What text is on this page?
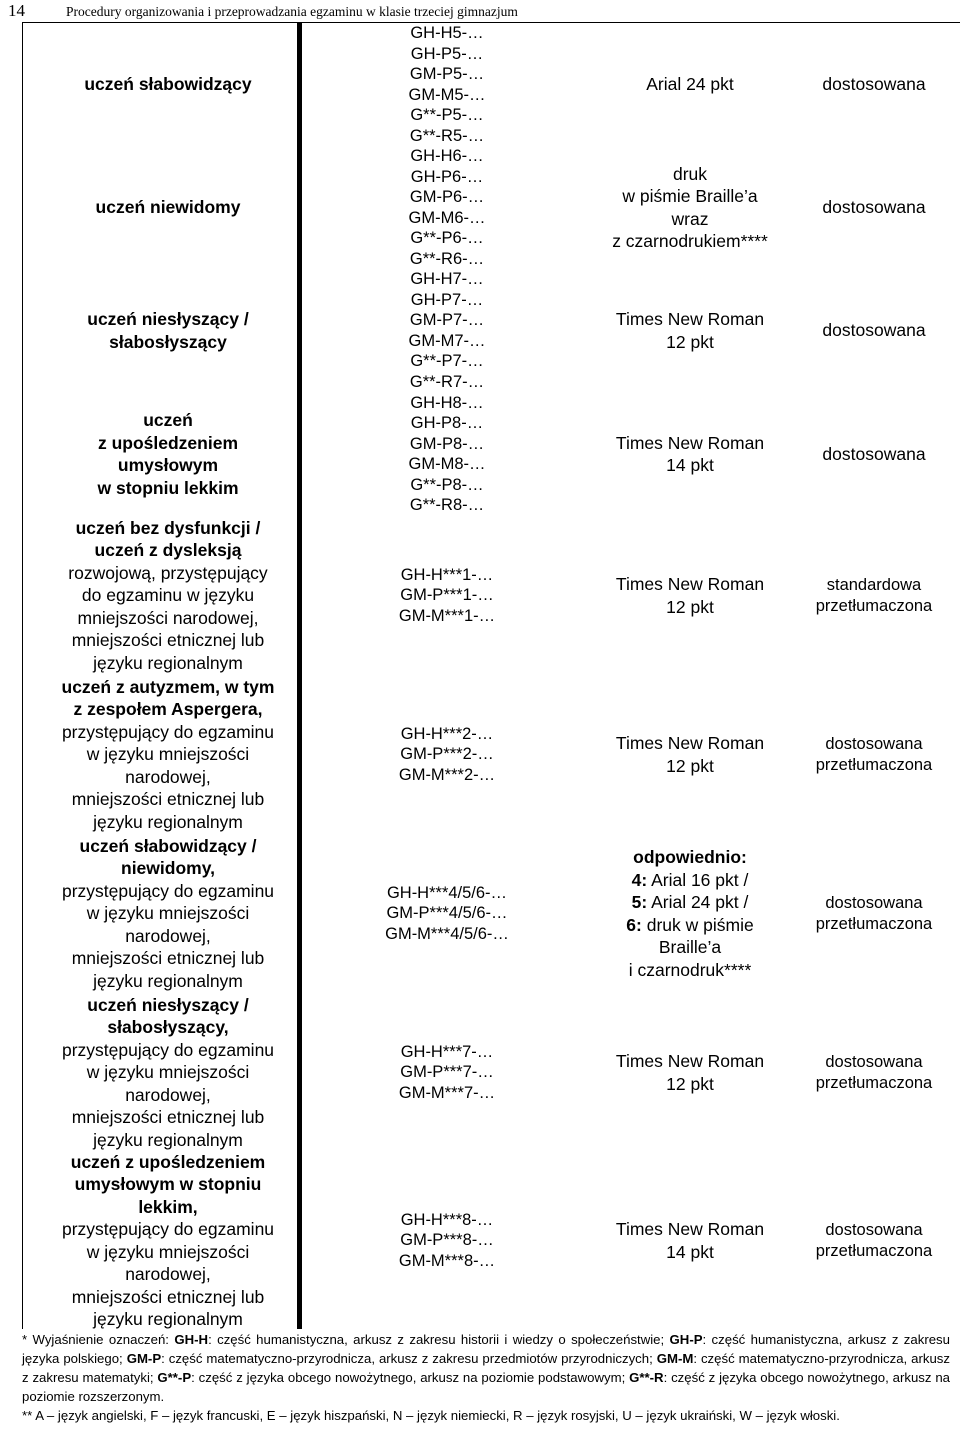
14	Procedury organizowania i przeprowadzania egzaminu w klasie trzeciej gimnazjum
uczeń słabowidzący
GH-H5-…
GH-P5-…
GM-P5-…
GM-M5-…
G**-P5-…
G**-R5-…
Arial 24 pkt	dostosowana
uczeń niewidomy
GH-H6-…
GH-P6-…
GM-P6-…
GM-M6-…
G**-P6-…
G**-R6-…
druk
w piśmie Braille’a
wraz
z czarnodrukiem****
dostosowana
uczeń niesłyszący /
słabosłyszący
GH-H7-…
GH-P7-…
GM-P7-…
GM-M7-…
G**-P7-…
G**-R7-…
Times New Roman
12 pkt
dostosowana
uczeń
z upośledzeniem
umysłowym
w stopniu lekkim
GH-H8-…
GH-P8-…
GM-P8-…
GM-M8-…
G**-P8-…
G**-R8-…
Times New Roman
14 pkt
dostosowana
uczeń bez dysfunkcji /
uczeń z dysleksją
rozwojową, przystępujący
do egzaminu w języku
mniejszości narodowej,
mniejszości etnicznej lub
języku regionalnym
GH-H***1-…
GM-P***1-…
GM-M***1-…
Times New Roman
12 pkt
standardowa
przetłumaczona
uczeń z autyzmem, w tym
z zespołem Aspergera,
przystępujący do egzaminu
w języku mniejszości
narodowej,
mniejszości etnicznej lub
języku regionalnym
GH-H***2-…
GM-P***2-…
GM-M***2-…
Times New Roman
12 pkt
dostosowana
przetłumaczona
uczeń słabowidzący /
niewidomy,
przystępujący do egzaminu
w języku mniejszości
narodowej,
mniejszości etnicznej lub
języku regionalnym
GH-H***4/5/6-…
GM-P***4/5/6-…
GM-M***4/5/6-…
odpowiednio:
4: Arial 16 pkt /
5: Arial 24 pkt /
6: druk w piśmie
Braille’a
i czarnodruk****
dostosowana
przetłumaczona
uczeń niesłyszący /
słabosłyszący,
przystępujący do egzaminu
w języku mniejszości
narodowej,
mniejszości etnicznej lub
języku regionalnym
GH-H***7-…
GM-P***7-…
GM-M***7-…
Times New Roman
12 pkt
dostosowana
przetłumaczona
uczeń z upośledzeniem
umysłowym w stopniu
lekkim,
przystępujący do egzaminu
w języku mniejszości
narodowej,
mniejszości etnicznej lub
języku regionalnym
GH-H***8-…
GM-P***8-…
GM-M***8-…
Times New Roman
14 pkt
dostosowana
przetłumaczona

* Wyjaśnienie oznaczeń: GH-H: część humanistyczna, arkusz z zakresu historii i wiedzy o społeczeństwie; GH-P: część humanistyczna, arkusz z zakresu języka polskiego; GM-P: część matematyczno-przyrodnicza, arkusz z zakresu przedmiotów przyrodniczych; GM-M: część matematyczno-przyrodnicza, arkusz z zakresu matematyki; G**-P: część z języka obcego nowożytnego, arkusz na poziomie podstawowym; G**-R: część z języka obcego nowożytnego, arkusz na poziomie rozszerzonym.

** A – język angielski, F – język francuski, E – język hiszpański, N – język niemiecki, R – język rosyjski, U – język ukraiński, W – język włoski.
